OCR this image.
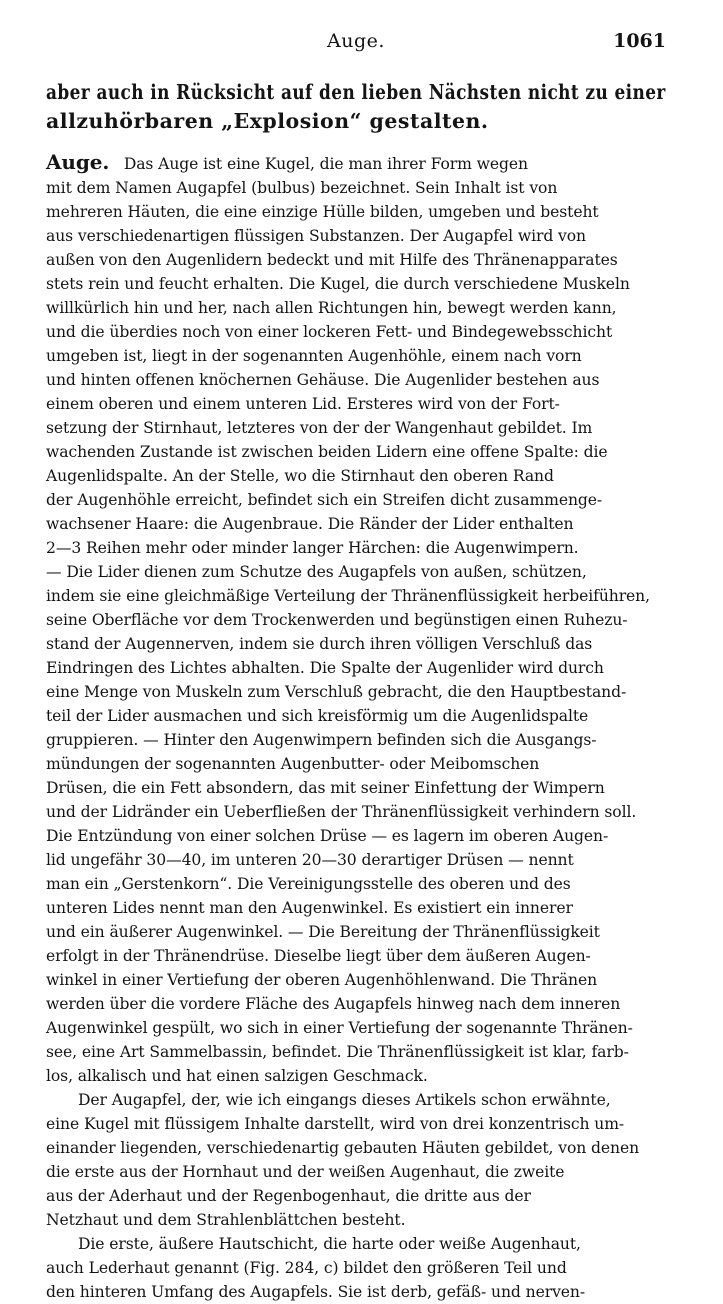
Auge.	1061
aber auch in Rücksicht auf den lieben Nächsten nicht zu einer
allzuhörbaren „Explosion“ gestalten.
Auge. Das Auge ist eine Kugel, die man ihrer Form wegen
mit dem Namen Augapfel (bulbus) bezeichnet. Sein Inhalt ist von
mehreren Häuten, die eine einzige Hülle bilden, umgeben und besteht
aus verschiedenartigen flüssigen Substanzen. Der Augapfel wird von
außen von den Augenlidern bedeckt und mit Hilfe des Thränenapparates
stets rein und feucht erhalten. Die Kugel, die durch verschiedene Muskeln
willkürlich hin und her, nach allen Richtungen hin, bewegt werden kann,
und die überdies noch von einer lockeren Fett- und Bindegewebsschicht
umgeben ist, liegt in der sogenannten Augenhöhle, einem nach vorn
und hinten offenen knöchernen Gehäuse. Die Augenlider bestehen aus
einem oberen und einem unteren Lid. Ersteres wird von der Fort-
setzung der Stirnhaut, letzteres von der der Wangenhaut gebildet. Im
wachenden Zustande ist zwischen beiden Lidern eine offene Spalte: die
Augenlidspalte. An der Stelle, wo die Stirnhaut den oberen Rand
der Augenhöhle erreicht, befindet sich ein Streifen dicht zusammenge-
wachsener Haare: die Augenbraue. Die Ränder der Lider enthalten
2—3 Reihen mehr oder minder langer Härchen: die Augenwimpern.
— Die Lider dienen zum Schutze des Augapfels von außen, schützen,
indem sie eine gleichmäßige Verteilung der Thränenflüssigkeit herbeiführen,
seine Oberfläche vor dem Trockenwerden und begünstigen einen Ruhezu-
stand der Augennerven, indem sie durch ihren völligen Verschluß das
Eindringen des Lichtes abhalten. Die Spalte der Augenlider wird durch
eine Menge von Muskeln zum Verschluß gebracht, die den Hauptbestand-
teil der Lider ausmachen und sich kreisförmig um die Augenlidspalte
gruppieren. — Hinter den Augenwimpern befinden sich die Ausgangs-
mündungen der sogenannten Augenbutter- oder Meibomschen
Drüsen, die ein Fett absondern, das mit seiner Einfettung der Wimpern
und der Lidränder ein Ueberfließen der Thränenflüssigkeit verhindern soll.
Die Entzündung von einer solchen Drüse — es lagern im oberen Augen-
lid ungefähr 30—40, im unteren 20—30 derartiger Drüsen — nennt
man ein „Gerstenkorn“. Die Vereinigungsstelle des oberen und des
unteren Lides nennt man den Augenwinkel. Es existiert ein innerer
und ein äußerer Augenwinkel. — Die Bereitung der Thränenflüssigkeit
erfolgt in der Thränendrüse. Dieselbe liegt über dem äußeren Augen-
winkel in einer Vertiefung der oberen Augenhöhlenwand. Die Thränen
werden über die vordere Fläche des Augapfels hinweg nach dem inneren
Augenwinkel gespült, wo sich in einer Vertiefung der sogenannte Thränen-
see, eine Art Sammelbassin, befindet. Die Thränenflüssigkeit ist klar, farb-
los, alkalisch und hat einen salzigen Geschmack.
Der Augapfel, der, wie ich eingangs dieses Artikels schon erwähnte,
eine Kugel mit flüssigem Inhalte darstellt, wird von drei konzentrisch um-
einander liegenden, verschiedenartig gebauten Häuten gebildet, von denen
die erste aus der Hornhaut und der weißen Augenhaut, die zweite
aus der Aderhaut und der Regenbogenhaut, die dritte aus der
Netzhaut und dem Strahlenblättchen besteht.
Die erste, äußere Hautschicht, die harte oder weiße Augenhaut,
auch Lederhaut genannt (Fig. 284, c) bildet den größeren Teil und
den hinteren Umfang des Augapfels. Sie ist derb, gefäß- und nerven-
